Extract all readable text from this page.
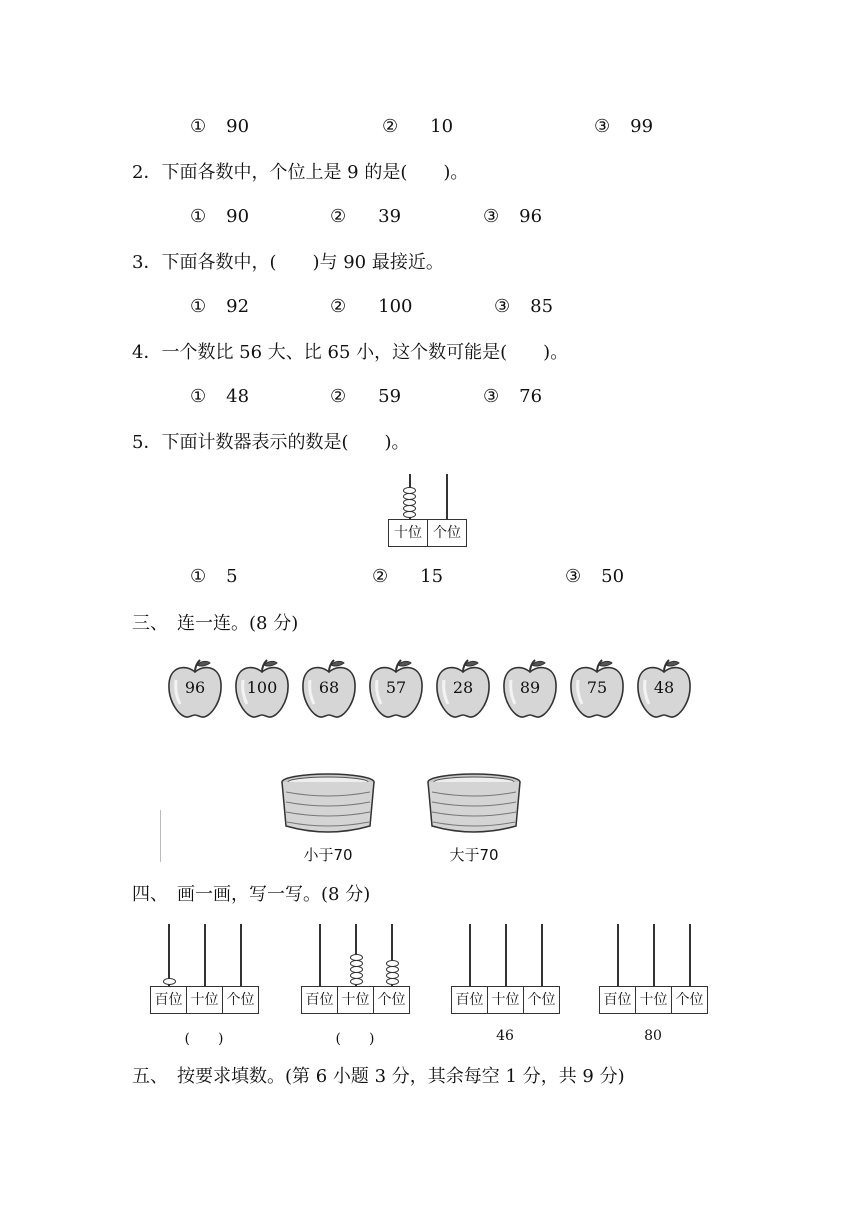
① 90	② 10	③ 99
2．下面各数中，个位上是 9 的是(　　)。
① 90	② 39	③ 96
3．下面各数中，(　　)与 90 最接近。
① 92	② 100	③ 85
4．一个数比 56 大、比 65 小，这个数可能是(　　)。
① 48	② 59	③ 76
5．下面计数器表示的数是(　　)。
十位 个位
① 5	② 15	③ 50
三、　连一连。(8 分)
96	100	68	57	28	89	75	48
小于70	大于70
四、　画一画，写一写。(8 分)
百位 十位 个位
(　　)
百位 十位 个位
(　　)
百位 十位 个位
46
百位 十位 个位
80
五、　按要求填数。(第 6 小题 3 分，其余每空 1 分，共 9 分)
